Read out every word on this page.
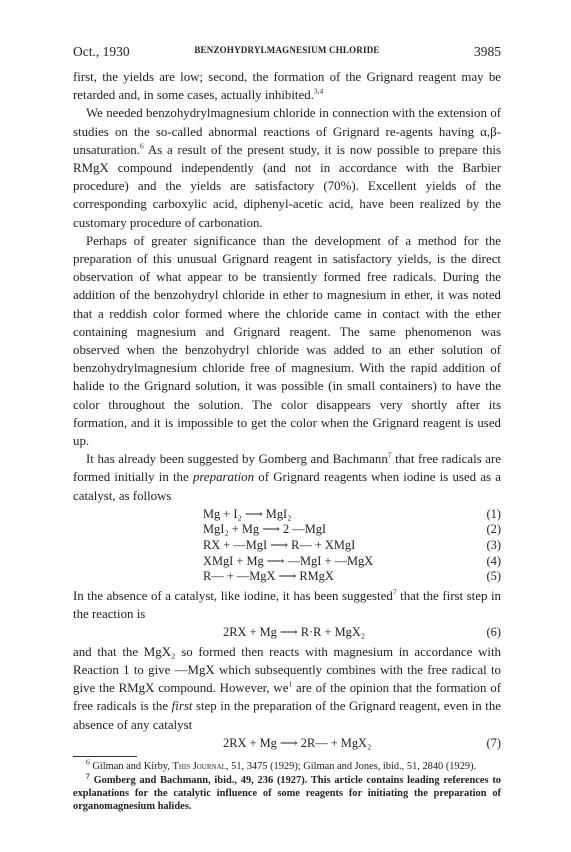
Oct., 1930	BENZOHYDRYLMAGNESIUM CHLORIDE	3985

first, the yields are low; second, the formation of the Grignard reagent may be retarded and, in some cases, actually inhibited.$^{3,4}$

We needed benzohydrylmagnesium chloride in connection with the extension of studies on the so-called abnormal reactions of Grignard re-agents having α,β-unsaturation.$^6$ As a result of the present study, it is now possible to prepare this RMgX compound independently (and not in accordance with the Barbier procedure) and the yields are satisfactory (70%). Excellent yields of the corresponding carboxylic acid, diphenyl-acetic acid, have been realized by the customary procedure of carbonation.

Perhaps of greater significance than the development of a method for the preparation of this unusual Grignard reagent in satisfactory yields, is the direct observation of what appear to be transiently formed free radicals. During the addition of the benzohydryl chloride in ether to magnesium in ether, it was noted that a reddish color formed where the chloride came in contact with the ether containing magnesium and Grignard reagent. The same phenomenon was observed when the benzohydryl chloride was added to an ether solution of benzohydrylmagnesium chloride free of magnesium. With the rapid addition of halide to the Grignard solution, it was possible (in small containers) to have the color throughout the solution. The color disappears very shortly after its formation, and it is impossible to get the color when the Grignard reagent is used up.

It has already been suggested by Gomberg and Bachmann$^7$ that free radicals are formed initially in the preparation of Grignard reagents when iodine is used as a catalyst, as follows

Mg + I₂ ⟶ MgI₂	(1)
MgI₂ + Mg ⟶ 2 —MgI	(2)
RX + —MgI ⟶ R— + XMgI	(3)
XMgI + Mg ⟶ —MgI + —MgX	(4)
R— + —MgX ⟶ RMgX	(5)

In the absence of a catalyst, like iodine, it has been suggested$^7$ that the first step in the reaction is

2RX + Mg ⟶ R·R + MgX₂	(6)

and that the MgX₂ so formed then reacts with magnesium in accordance with Reaction 1 to give —MgX which subsequently combines with the free radical to give the RMgX compound. However, $we^1$ are of the opinion that the formation of free radicals is the first step in the preparation of the Grignard reagent, even in the absence of any catalyst

2RX + Mg ⟶ 2R— + MgX₂	(7)

$^6$ Gilman and Kirby, This Journal, 51, 3475 (1929); Gilman and Jones, ibid., 51, 2840 (1929).

$^7$ Gomberg and Bachmann, ibid., 49, 236 (1927). This article contains leading references to explanations for the catalytic influence of some reagents for initiating the preparation of organomagnesium halides.
